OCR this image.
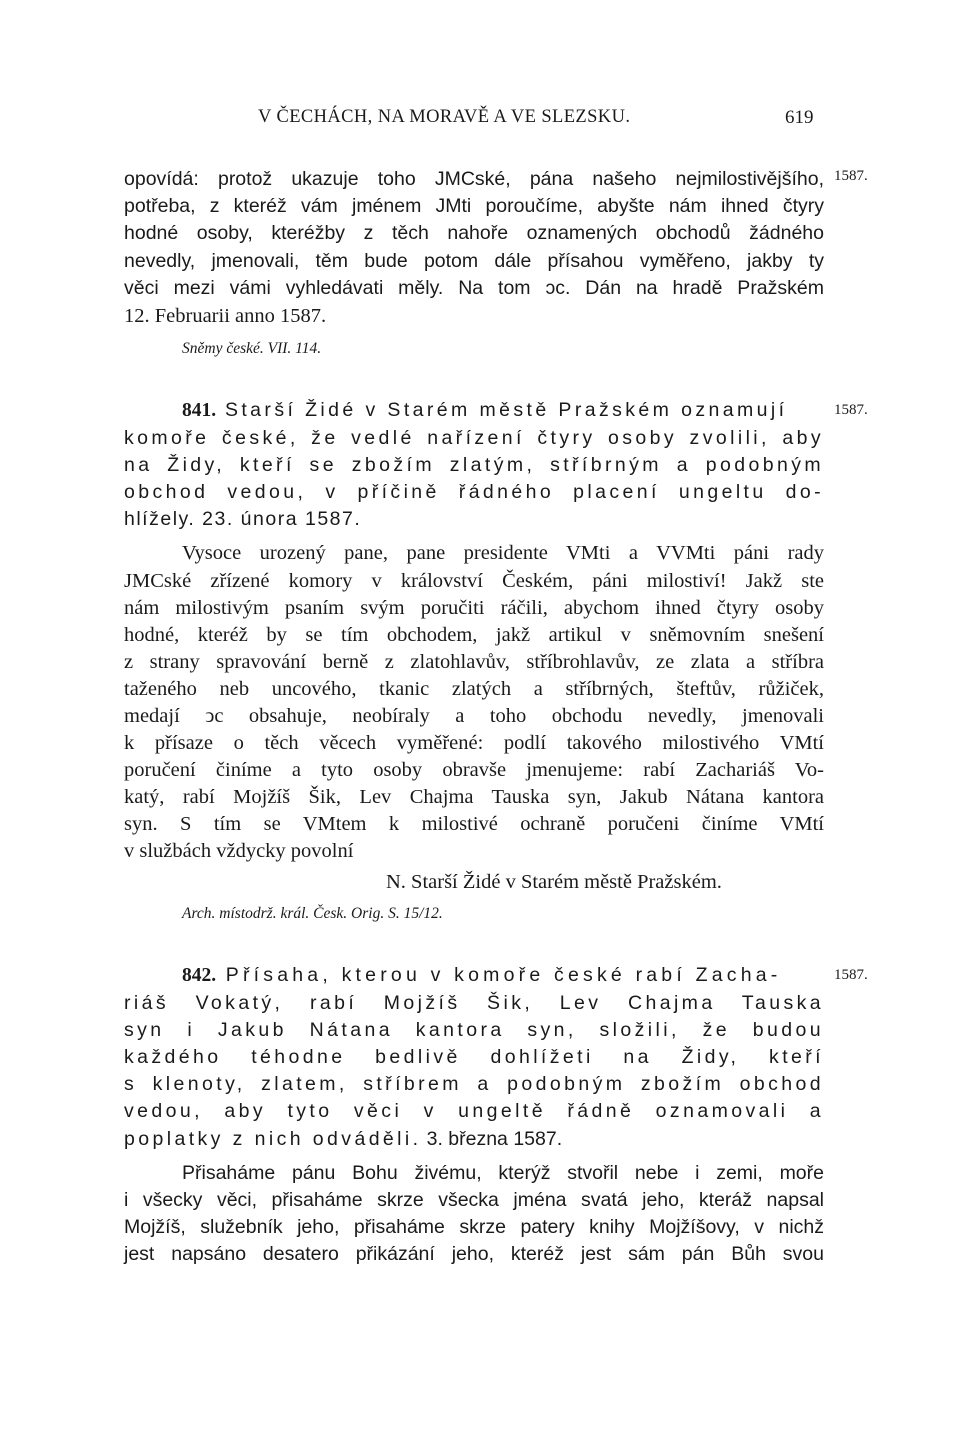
V ČECHÁCH, NA MORAVĚ A VE SLEZSKU.	619
opovídá: protož ukazuje toho JMCské, pána našeho nejmilostivějšího, 1587.
potřeba, z kteréž vám jménem JMti poroučíme, abyšte nám ihned čtyry
hodné osoby, kteréžby z těch nahoře oznamených obchodů žádného
nevedly, jmenovali, těm bude potom dále přísahou vyměřeno, jakby ty
věci mezi vámi vyhledávati měly. Na tom ͻc. Dán na hradě Pražském
12. Februarii anno 1587.
Sněmy české. VII. 114.
841. Starší Židé v Starém městě Pražském oznamují	1587.
komoře české, že vedlé nařízení čtyry osoby zvolili, aby
na Židy, kteří se zbožím zlatým, stříbrným a podobným
obchod vedou, v příčině řádného placení ungeltu do-
hlížely. 23. února 1587.
Vysoce urozený pane, pane presidente VMti a VVMti páni rady
JMCské zřízené komory v království Českém, páni milostiví! Jakž ste
nám milostivým psaním svým poručiti ráčili, abychom ihned čtyry osoby
hodné, kteréž by se tím obchodem, jakž artikul v sněmovním snešení
z strany spravování berně z zlatohlavův, stříbrohlavův, ze zlata a stříbra
taženého neb uncového, tkanic zlatých a stříbrných, šteftův, růžiček,
medají ͻc obsahuje, neobíraly a toho obchodu nevedly, jmenovali
k přísaze o těch věcech vyměřené: podlí takového milostivého VMtí
poručení činíme a tyto osoby obravše jmenujeme: rabí Zachariáš Vo-
katý, rabí Mojžíš Šik, Lev Chajma Tauska syn, Jakub Nátana kantora
syn. S tím se VMtem k milostivé ochraně poručeni činíme VMtí
v službách vždycky povolní
N. Starší Židé v Starém městě Pražském.
Arch. místodrž. král. Česk. Orig. S. 15/12.
842. Přísaha, kterou v komoře české rabí Zacha-	1587.
riáš Vokatý, rabí Mojžíš Šik, Lev Chajma Tauska
syn i Jakub Nátana kantora syn, složili, že budou
každého téhodne bedlivě dohlížeti na Židy, kteří
s klenoty, zlatem, stříbrem a podobným zbožím obchod
vedou, aby tyto věci v ungeltě řádně oznamovali a
poplatky z nich odváděli. 3. března 1587.
Přisaháme pánu Bohu živému, kterýž stvořil nebe i zemi, moře
i všecky věci, přisaháme skrze všecka jména svatá jeho, kteráž napsal
Mojžíš, služebník jeho, přisaháme skrze patery knihy Mojžíšovy, v nichž
jest napsáno desatero přikázání jeho, kteréž jest sám pán Bůh svou
